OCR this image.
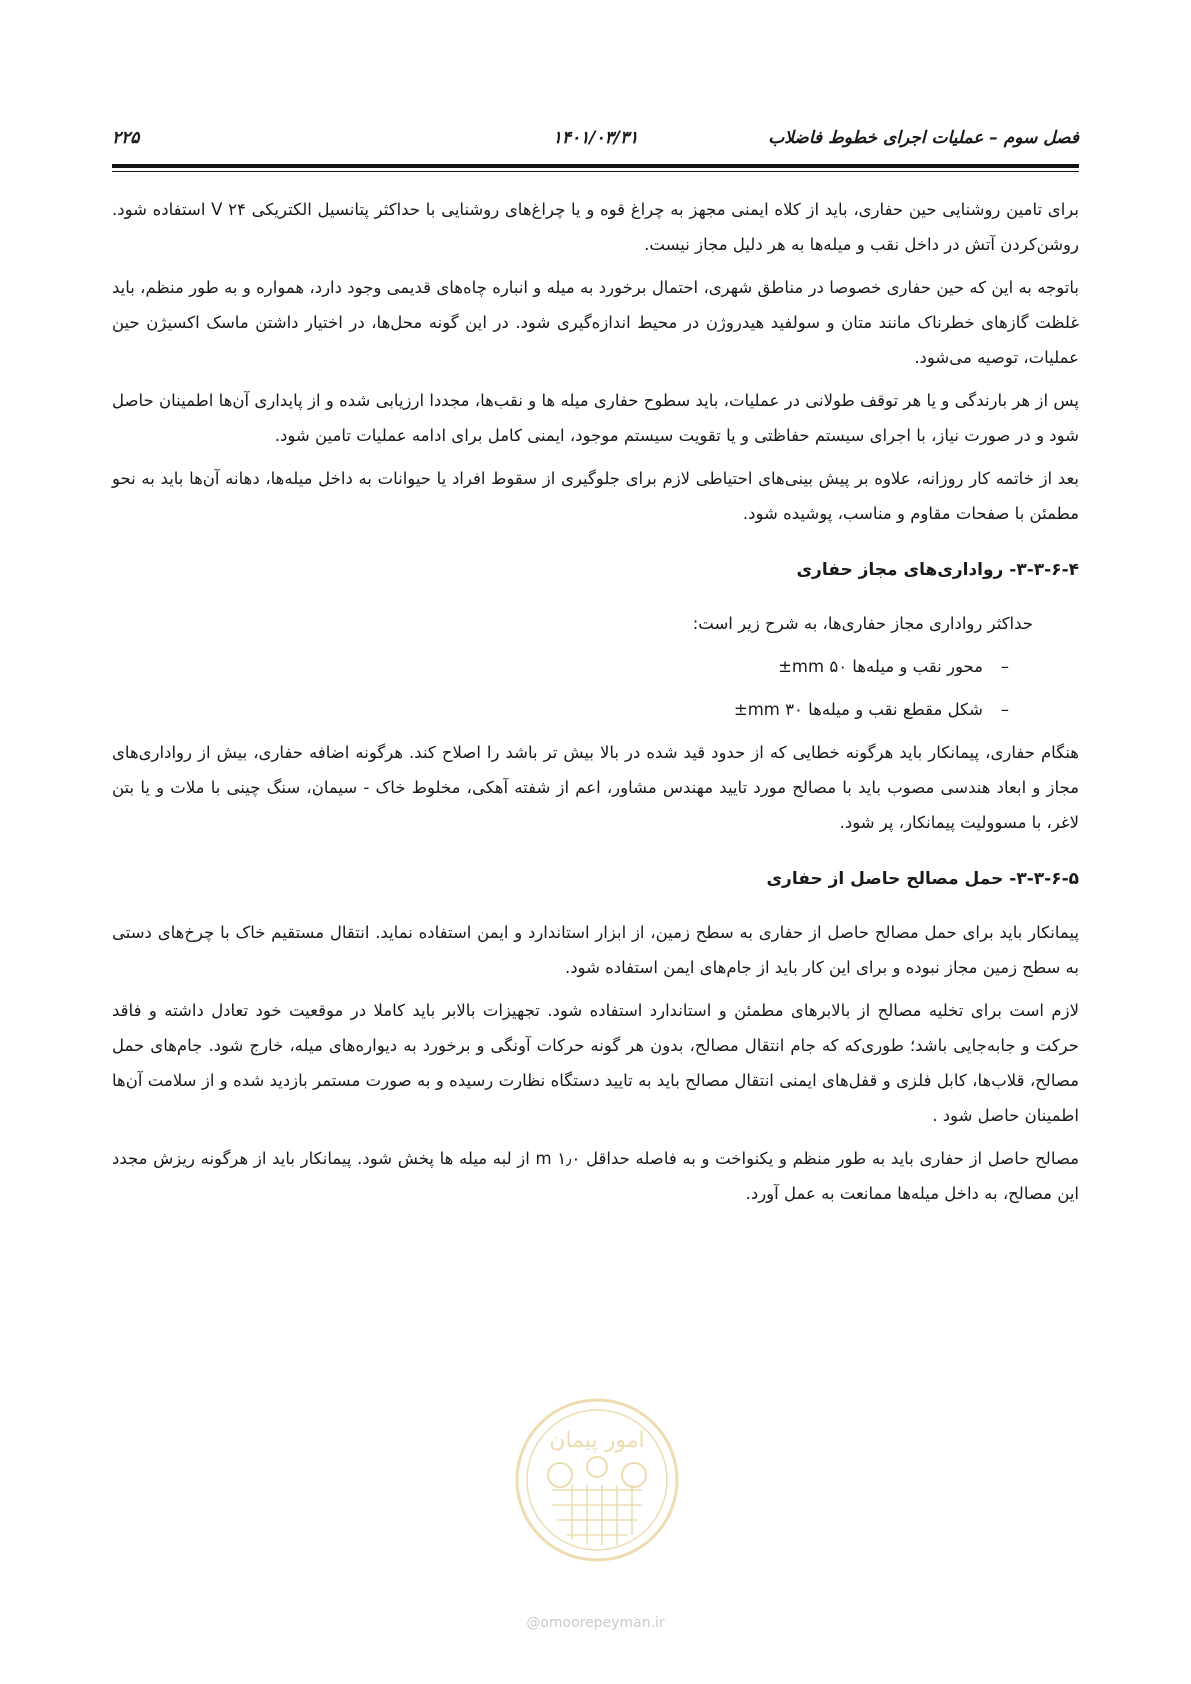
فصل سوم – عملیات اجرای خطوط فاضلاب
۱۴۰۱/۰۳/۳۱
۲۲۵

برای تامین روشنایی حین حفاری، باید از کلاه ایمنی مجهز به چراغ قوه و یا چراغ‌های روشنایی با حداکثر پتانسیل الکتریکی V ۲۴ استفاده شود. روشن‌کردن آتش در داخل نقب و میله‌ها به هر دلیل مجاز نیست.

باتوجه به این که حین حفاری خصوصا در مناطق شهری، احتمال برخورد به میله و انباره چاه‌های قدیمی وجود دارد، همواره و به طور منظم، باید غلظت گازهای خطرناک مانند متان و سولفید هیدروژن در محیط اندازه‌گیری شود. در این گونه محل‌ها، در اختیار داشتن ماسک اکسیژن حین عملیات، توصیه می‌شود.

پس از هر بارندگی و یا هر توقف طولانی در عملیات، باید سطوح حفاری میله ها و نقب‌ها، مجددا ارزیابی شده و از پایداری آن‌ها اطمینان حاصل شود و در صورت نیاز، با اجرای سیستم حفاظتی و یا تقویت سیستم موجود، ایمنی کامل برای ادامه عملیات تامین شود.

بعد از خاتمه کار روزانه، علاوه بر پیش بینی‌های احتیاطی لازم برای جلوگیری از سقوط افراد یا حیوانات به داخل میله‌ها، دهانه آن‌ها باید به نحو مطمئن با صفحات مقاوم و مناسب، پوشیده شود.

۳-۳-۶-۴- رواداری‌های مجاز حفاری

حداکثر رواداری مجاز حفاری‌ها، به شرح زیر است:

–محور نقب و میله‌ها ۵۰ mm±
–شکل مقطع نقب و میله‌ها ۳۰ mm±

هنگام حفاری، پیمانکار باید هرگونه خطایی که از حدود قید شده در بالا بیش تر باشد را اصلاح کند. هرگونه اضافه حفاری، بیش از رواداری‌های مجاز و ابعاد هندسی مصوب باید با مصالح مورد تایید مهندس مشاور، اعم از شفته آهکی، مخلوط خاک - سیمان، سنگ چینی با ملات و یا بتن لاغر، با مسوولیت پیمانکار، پر شود.

۳-۳-۶-۵- حمل مصالح حاصل از حفاری

پیمانکار باید برای حمل مصالح حاصل از حفاری به سطح زمین، از ابزار استاندارد و ایمن استفاده نماید. انتقال مستقیم خاک با چرخ‌های دستی به سطح زمین مجاز نبوده و برای این کار باید از جام‌های ایمن استفاده شود.

لازم است برای تخلیه مصالح از بالابرهای مطمئن و استاندارد استفاده شود. تجهیزات بالابر باید کاملا در موقعیت خود تعادل داشته و فاقد حرکت و جابه‌جایی باشد؛ طوری‌که که جام انتقال مصالح، بدون هر گونه حرکات آونگی و برخورد به دیواره‌های میله، خارج شود. جام‌های حمل مصالح، قلاب‌ها، کابل فلزی و قفل‌های ایمنی انتقال مصالح باید به تایید دستگاه نظارت رسیده و به صورت مستمر بازدید شده و از سلامت آن‌ها اطمینان حاصل شود .

مصالح حاصل از حفاری باید به طور منظم و یکنواخت و به فاصله حداقل ۱٫۰ m از لبه میله ها پخش شود. پیمانکار باید از هرگونه ریزش مجدد این مصالح، به داخل میله‌ها ممانعت به عمل آورد.

امور پیمان
@omoorepeyman.ir
